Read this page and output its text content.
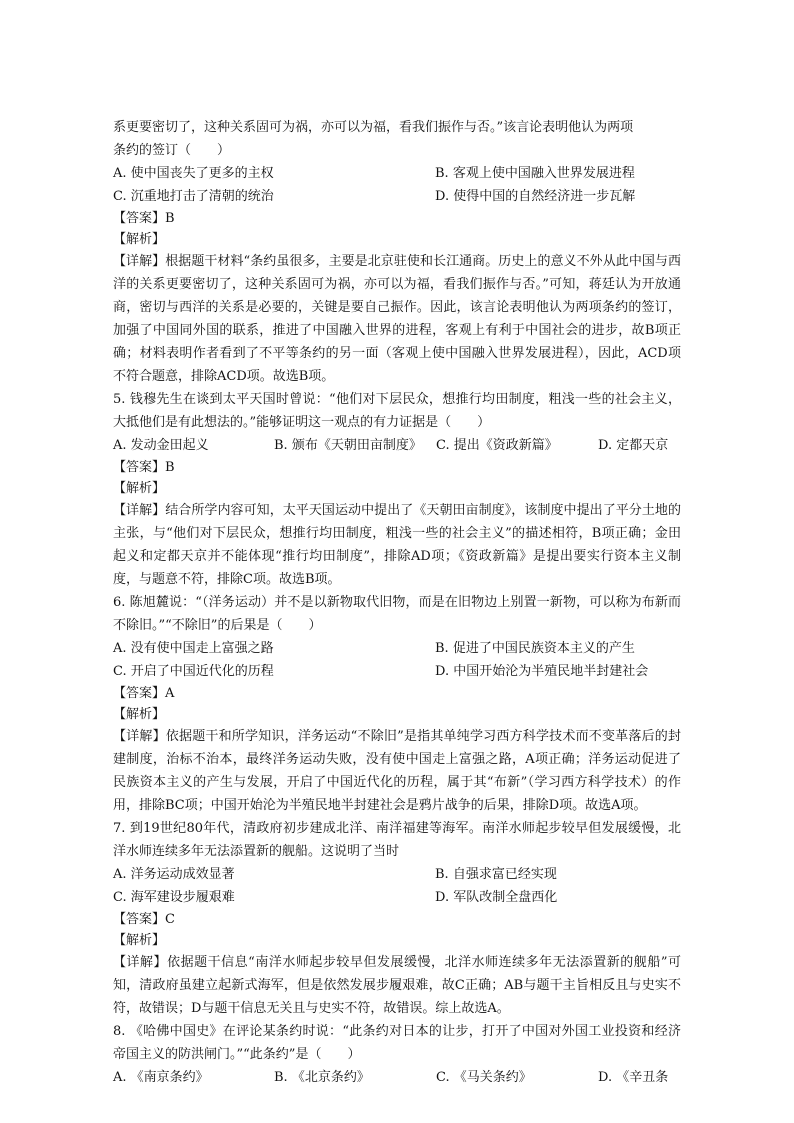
系更要密切了，这种关系固可为祸，亦可以为福，看我们振作与否。”该言论表明他认为两项
条约的签订（　　）
A. 使中国丧失了更多的主权	B. 客观上使中国融入世界发展进程
C. 沉重地打击了清朝的统治	D. 使得中国的自然经济进一步瓦解
【答案】B
【解析】

【详解】根据题干材料“条约虽很多，主要是北京驻使和长江通商。历史上的意义不外从此中国与西洋的关系更要密切了，这种关系固可为祸，亦可以为福，看我们振作与否。”可知，蒋廷认为开放通商，密切与西洋的关系是必要的，关键是要自己振作。因此，该言论表明他认为两项条约的签订，加强了中国同外国的联系，推进了中国融入世界的进程，客观上有利于中国社会的进步，故B项正确；材料表明作者看到了不平等条约的另一面（客观上使中国融入世界发展进程），因此，ACD项不符合题意，排除ACD项。故选B项。

5. 钱穆先生在谈到太平天国时曾说：“他们对下层民众，想推行均田制度，粗浅一些的社会主义，大抵他们是有此想法的。”能够证明这一观点的有力证据是（　　）

A. 发动金田起义	B. 颁布《天朝田亩制度》	C. 提出《资政新篇》	D. 定都天京
【答案】B
【解析】

【详解】结合所学内容可知，太平天国运动中提出了《天朝田亩制度》，该制度中提出了平分土地的主张，与“他们对下层民众，想推行均田制度，粗浅一些的社会主义”的描述相符，B项正确；金田起义和定都天京并不能体现“推行均田制度”，排除AD项；《资政新篇》是提出要实行资本主义制度，与题意不符，排除C项。故选B项。

6. 陈旭麓说：“（洋务运动）并不是以新物取代旧物，而是在旧物边上别置一新物，可以称为布新而不除旧。”“不除旧”的后果是（　　）

A. 没有使中国走上富强之路	B. 促进了中国民族资本主义的产生
C. 开启了中国近代化的历程	D. 中国开始沦为半殖民地半封建社会
【答案】A
【解析】

【详解】依据题干和所学知识，洋务运动“不除旧”是指其单纯学习西方科学技术而不变革落后的封建制度，治标不治本，最终洋务运动失败，没有使中国走上富强之路，A项正确；洋务运动促进了民族资本主义的产生与发展，开启了中国近代化的历程，属于其“布新”（学习西方科学技术）的作用，排除BC项；中国开始沦为半殖民地半封建社会是鸦片战争的后果，排除D项。故选A项。

7. 到19世纪80年代，清政府初步建成北洋、南洋福建等海军。南洋水师起步较早但发展缓慢，北洋水师连续多年无法添置新的舰船。这说明了当时

A. 洋务运动成效显著	B. 自强求富已经实现
C. 海军建设步履艰难	D. 军队改制全盘西化
【答案】C
【解析】

【详解】依据题干信息“南洋水师起步较早但发展缓慢，北洋水师连续多年无法添置新的舰船”可知，清政府虽建立起新式海军，但是依然发展步履艰难，故C正确；AB与题干主旨相反且与史实不符，故错误；D与题干信息无关且与史实不符，故错误。综上故选A。

8. 《哈佛中国史》在评论某条约时说：“此条约对日本的让步，打开了中国对外国工业投资和经济帝国主义的防洪闸门。”“此条约”是（　　）

A. 《南京条约》	B. 《北京条约》	C. 《马关条约》	D. 《辛丑条
